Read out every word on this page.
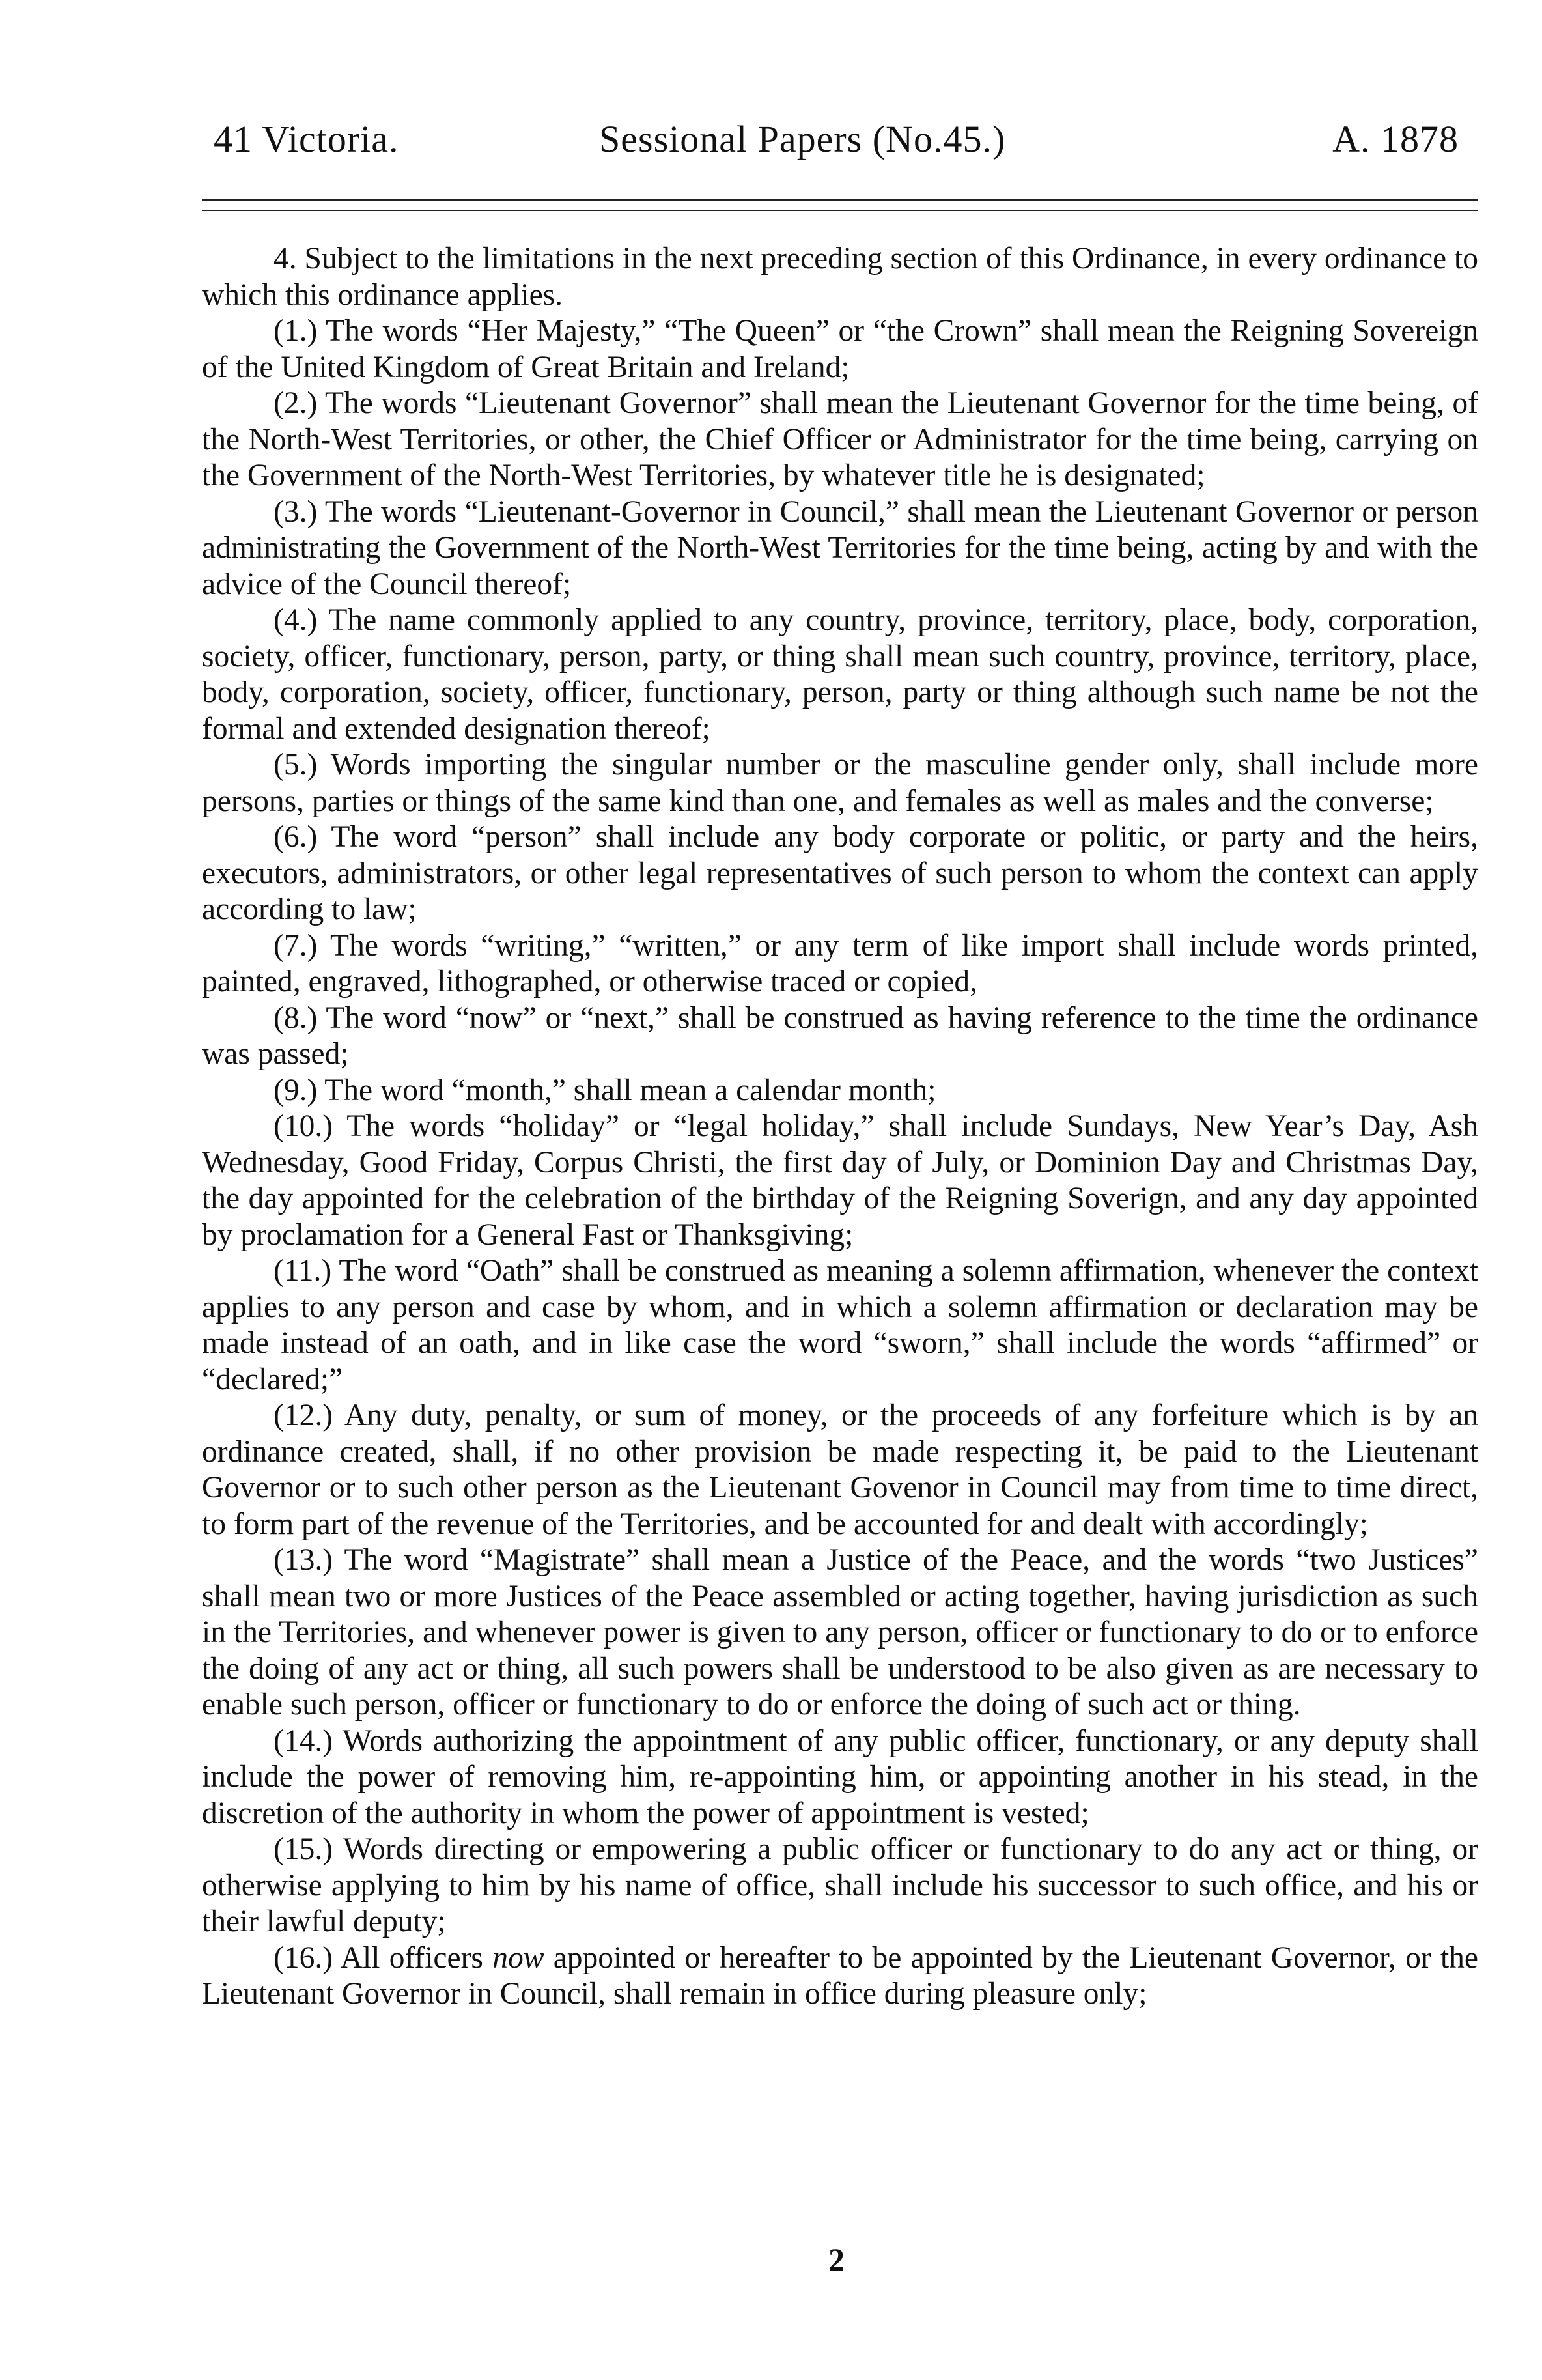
41 Victoria.	Sessional Papers (No.45.)	A. 1878

4. Subject to the limitations in the next preceding section of this Ordinance, in every ordinance to which this ordinance applies.

(1.) The words “Her Majesty,” “The Queen” or “the Crown” shall mean the Reigning Sovereign of the United Kingdom of Great Britain and Ireland;

(2.) The words “Lieutenant Governor” shall mean the Lieutenant Governor for the time being, of the North-West Territories, or other, the Chief Officer or Administrator for the time being, carrying on the Government of the North-West Territories, by whatever title he is designated;

(3.) The words “Lieutenant-Governor in Council,” shall mean the Lieutenant Governor or person administrating the Government of the North-West Territories for the time being, acting by and with the advice of the Council thereof;

(4.) The name commonly applied to any country, province, territory, place, body, corporation, society, officer, functionary, person, party, or thing shall mean such country, province, territory, place, body, corporation, society, officer, functionary, person, party or thing although such name be not the formal and extended designation thereof;

(5.) Words importing the singular number or the masculine gender only, shall include more persons, parties or things of the same kind than one, and females as well as males and the converse;

(6.) The word “person” shall include any body corporate or politic, or party and the heirs, executors, administrators, or other legal representatives of such person to whom the context can apply according to law;

(7.) The words “writing,” “written,” or any term of like import shall include words printed, painted, engraved, lithographed, or otherwise traced or copied,

(8.) The word “now” or “next,” shall be construed as having reference to the time the ordinance was passed;

(9.) The word “month,” shall mean a calendar month;

(10.) The words “holiday” or “legal holiday,” shall include Sundays, New Year’s Day, Ash Wednesday, Good Friday, Corpus Christi, the first day of July, or Dominion Day and Christmas Day, the day appointed for the celebration of the birthday of the Reigning Soverign, and any day appointed by proclamation for a General Fast or Thanksgiving;

(11.) The word “Oath” shall be construed as meaning a solemn affirmation, whenever the context applies to any person and case by whom, and in which a solemn affirmation or declaration may be made instead of an oath, and in like case the word “sworn,” shall include the words “affirmed” or “declared;”

(12.) Any duty, penalty, or sum of money, or the proceeds of any forfeiture which is by an ordinance created, shall, if no other provision be made respecting it, be paid to the Lieutenant Governor or to such other person as the Lieutenant Govenor in Council may from time to time direct, to form part of the revenue of the Territories, and be accounted for and dealt with accordingly;

(13.) The word “Magistrate” shall mean a Justice of the Peace, and the words “two Justices” shall mean two or more Justices of the Peace assembled or acting together, having jurisdiction as such in the Territories, and whenever power is given to any person, officer or functionary to do or to enforce the doing of any act or thing, all such powers shall be understood to be also given as are necessary to enable such person, officer or functionary to do or enforce the doing of such act or thing.

(14.) Words authorizing the appointment of any public officer, functionary, or any deputy shall include the power of removing him, re-appointing him, or appointing another in his stead, in the discretion of the authority in whom the power of appointment is vested;

(15.) Words directing or empowering a public officer or functionary to do any act or thing, or otherwise applying to him by his name of office, shall include his successor to such office, and his or their lawful deputy;

(16.) All officers now appointed or hereafter to be appointed by the Lieutenant Governor, or the Lieutenant Governor in Council, shall remain in office during pleasure only;

2
